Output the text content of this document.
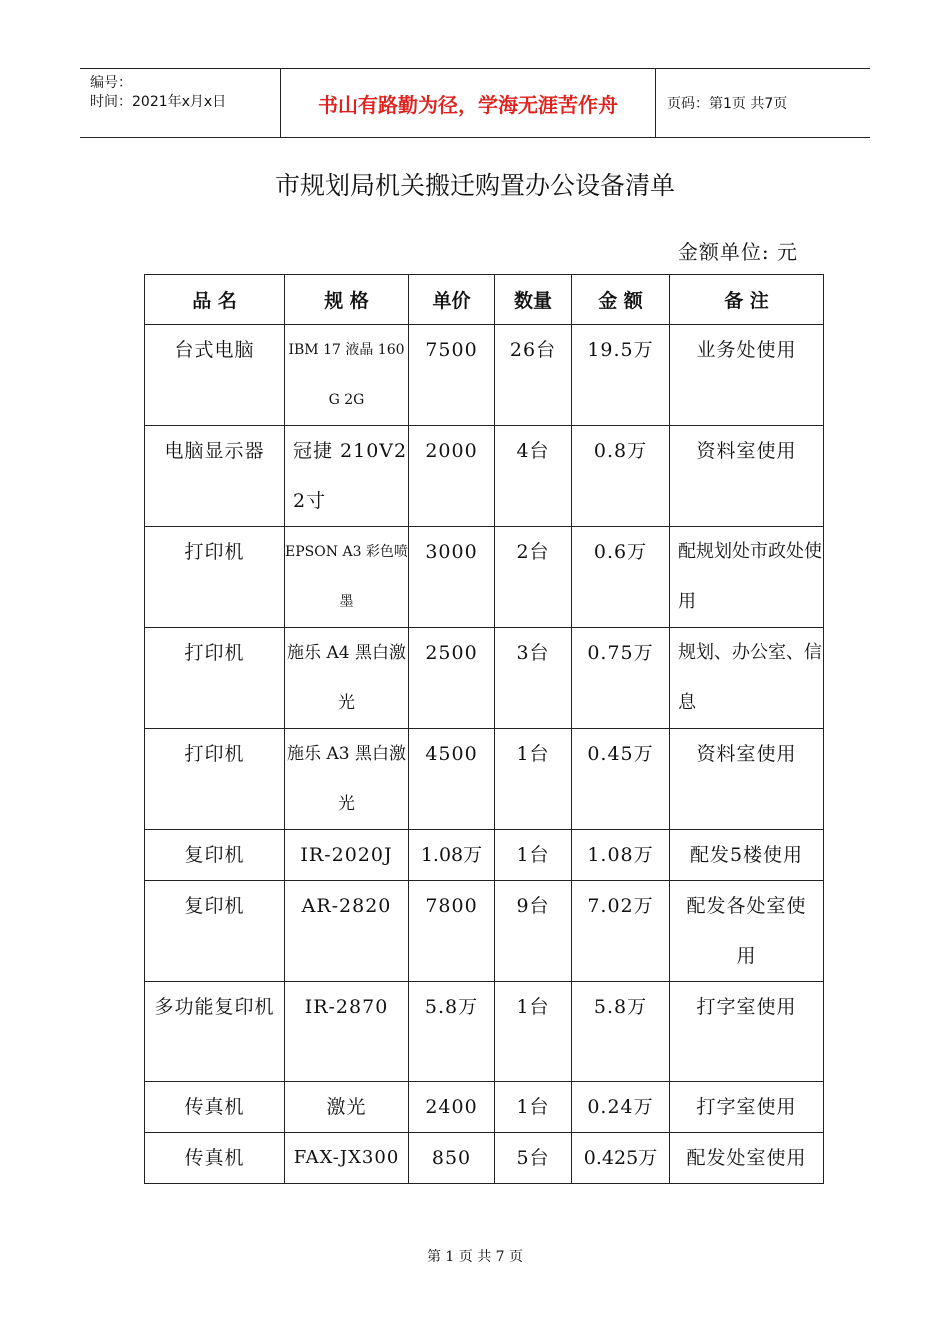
编号：
时间：2021年x月x日	书山有路勤为径，学海无涯苦作舟	页码：第1页 共7页
市规划局机关搬迁购置办公设备清单
金额单位: 元
品 名	规 格	单价	数量	金 额	备 注
台式电脑	IBM 17 液晶 160G 2G	7500	26台	19.5万	业务处使用
电脑显示器	冠捷 210V22寸	2000	4台	0.8万	资料室使用
打印机	EPSON A3 彩色喷墨	3000	2台	0.6万	配规划处市政处使用
打印机	施乐 A4 黑白激光	2500	3台	0.75万	规划、办公室、信息
打印机	施乐 A3 黑白激光	4500	1台	0.45万	资料室使用
复印机	IR-2020J	1.08万	1台	1.08万	配发5楼使用
复印机	AR-2820	7800	9台	7.02万	配发各处室使用
多功能复印机	IR-2870	5.8万	1台	5.8万	打字室使用
传真机	激光	2400	1台	0.24万	打字室使用
传真机	FAX-JX300	850	5台	0.425万	配发处室使用
第 1 页 共 7 页
